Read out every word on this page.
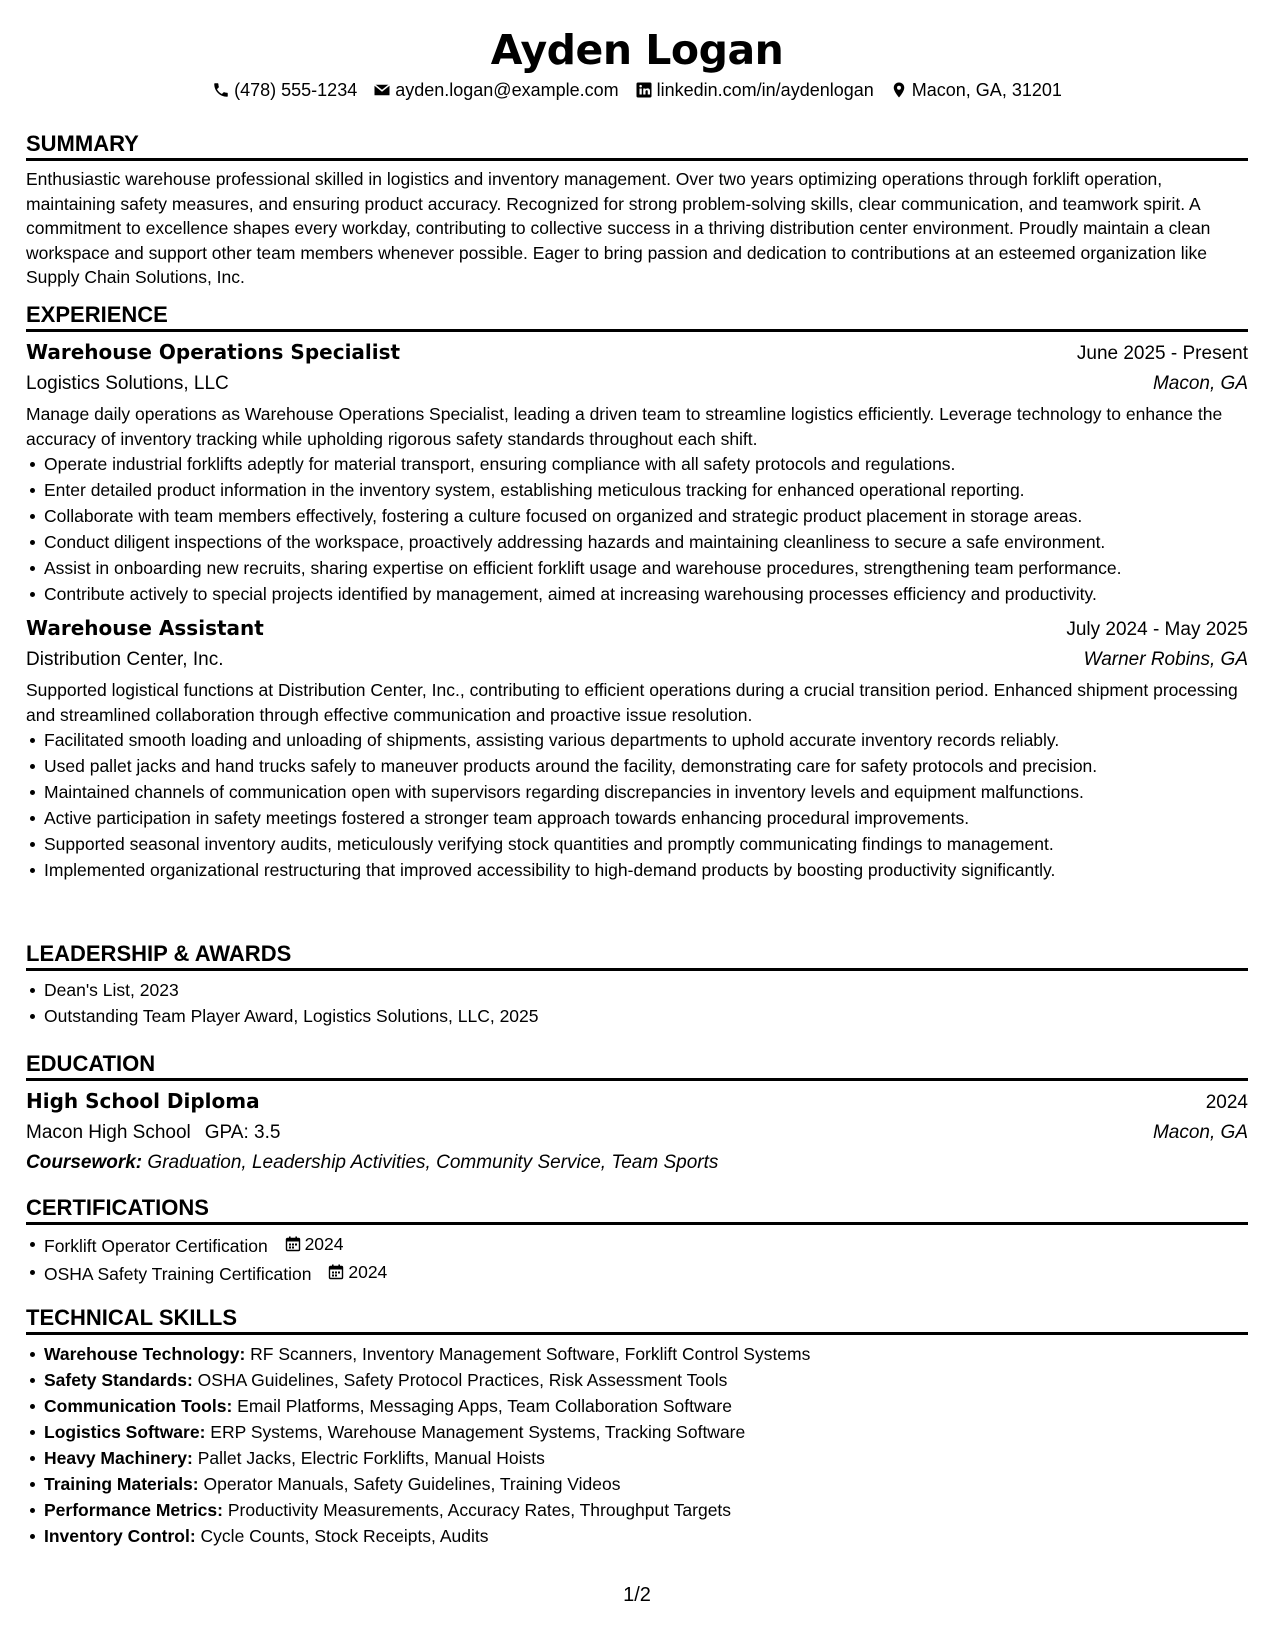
Ayden Logan
(478) 555-1234 ayden.logan@example.com linkedin.com/in/aydenlogan Macon, GA, 31201
SUMMARY

Enthusiastic warehouse professional skilled in logistics and inventory management. Over two years optimizing operations through forklift operation, maintaining safety measures, and ensuring product accuracy. Recognized for strong problem-solving skills, clear communication, and teamwork spirit. A commitment to excellence shapes every workday, contributing to collective success in a thriving distribution center environment. Proudly maintain a clean workspace and support other team members whenever possible. Eager to bring passion and dedication to contributions at an esteemed organization like Supply Chain Solutions, Inc.

EXPERIENCE
Warehouse Operations Specialist	June 2025 - Present
Logistics Solutions, LLC	Macon, GA

Manage daily operations as Warehouse Operations Specialist, leading a driven team to streamline logistics efficiently. Leverage technology to enhance the accuracy of inventory tracking while upholding rigorous safety standards throughout each shift.

Operate industrial forklifts adeptly for material transport, ensuring compliance with all safety protocols and regulations.
Enter detailed product information in the inventory system, establishing meticulous tracking for enhanced operational reporting.
Collaborate with team members effectively, fostering a culture focused on organized and strategic product placement in storage areas.
Conduct diligent inspections of the workspace, proactively addressing hazards and maintaining cleanliness to secure a safe environment.
Assist in onboarding new recruits, sharing expertise on efficient forklift usage and warehouse procedures, strengthening team performance.
Contribute actively to special projects identified by management, aimed at increasing warehousing processes efficiency and productivity.
Warehouse Assistant	July 2024 - May 2025
Distribution Center, Inc.	Warner Robins, GA

Supported logistical functions at Distribution Center, Inc., contributing to efficient operations during a crucial transition period. Enhanced shipment processing and streamlined collaboration through effective communication and proactive issue resolution.

Facilitated smooth loading and unloading of shipments, assisting various departments to uphold accurate inventory records reliably.
Used pallet jacks and hand trucks safely to maneuver products around the facility, demonstrating care for safety protocols and precision.
Maintained channels of communication open with supervisors regarding discrepancies in inventory levels and equipment malfunctions.
Active participation in safety meetings fostered a stronger team approach towards enhancing procedural improvements.
Supported seasonal inventory audits, meticulously verifying stock quantities and promptly communicating findings to management.
Implemented organizational restructuring that improved accessibility to high-demand products by boosting productivity significantly.
LEADERSHIP & AWARDS
Dean's List, 2023
Outstanding Team Player Award, Logistics Solutions, LLC, 2025
EDUCATION
High School Diploma	2024
Macon High School GPA: 3.5	Macon, GA
Coursework: Graduation, Leadership Activities, Community Service, Team Sports
CERTIFICATIONS
Forklift Operator Certification 2024
OSHA Safety Training Certification 2024
TECHNICAL SKILLS
Warehouse Technology: RF Scanners, Inventory Management Software, Forklift Control Systems
Safety Standards: OSHA Guidelines, Safety Protocol Practices, Risk Assessment Tools
Communication Tools: Email Platforms, Messaging Apps, Team Collaboration Software
Logistics Software: ERP Systems, Warehouse Management Systems, Tracking Software
Heavy Machinery: Pallet Jacks, Electric Forklifts, Manual Hoists
Training Materials: Operator Manuals, Safety Guidelines, Training Videos
Performance Metrics: Productivity Measurements, Accuracy Rates, Throughput Targets
Inventory Control: Cycle Counts, Stock Receipts, Audits
1/2
